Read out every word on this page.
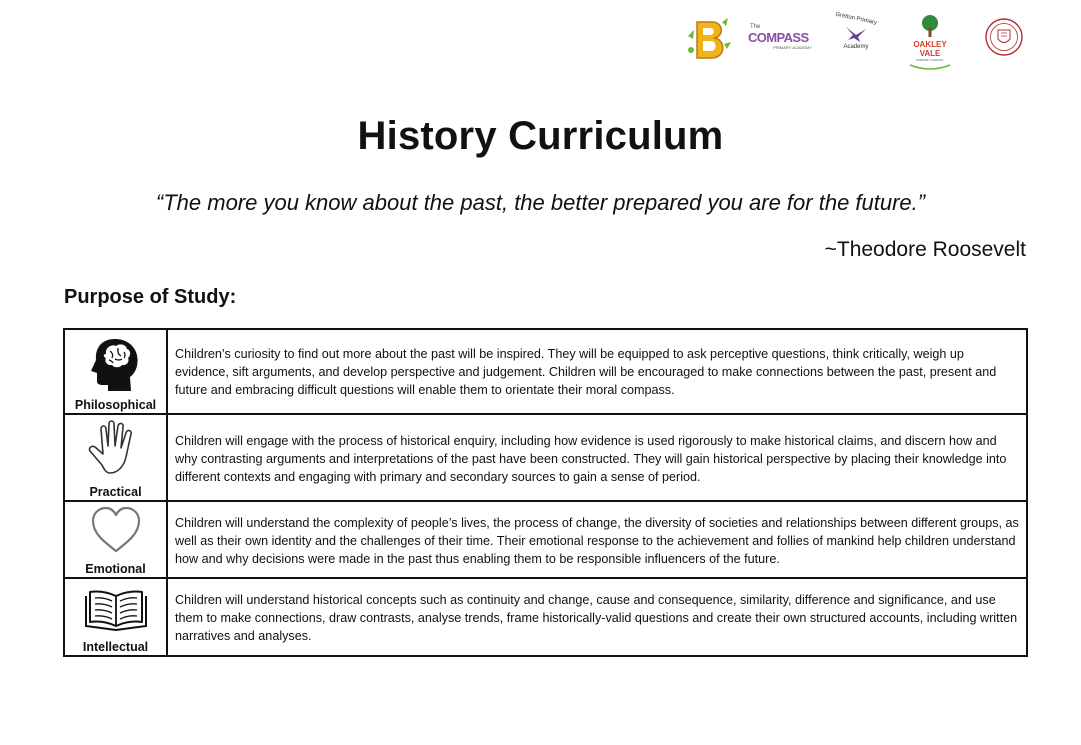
The
COMPASS
PRIMARY ACADEMY
Gretton Primary
Academy	OAKLEY VALE
PRIMARY SCHOOL
History Curriculum
“The more you know about the past, the better prepared you are for the future.”
~Theodore Roosevelt
Purpose of Study:
Philosophical	Children’s curiosity to find out more about the past will be inspired. They will be equipped to ask perceptive questions, think critically, weigh up evidence, sift arguments, and develop perspective and judgement. Children will be encouraged to make connections between the past, present and future and embracing difficult questions will enable them to orientate their moral compass.

Practical	Children will engage with the process of historical enquiry, including how evidence is used rigorously to make historical claims, and discern how and why contrasting arguments and interpretations of the past have been constructed. They will gain historical perspective by placing their knowledge into different contexts and engaging with primary and secondary sources to gain a sense of period.

Emotional	Children will understand the complexity of people’s lives, the process of change, the diversity of societies and relationships between different groups, as well as their own identity and the challenges of their time. Their emotional response to the achievement and follies of mankind help children understand how and why decisions were made in the past thus enabling them to be responsible influencers of the future.

Intellectual	Children will understand historical concepts such as continuity and change, cause and consequence, similarity, difference and significance, and use them to make connections, draw contrasts, analyse trends, frame historically-valid questions and create their own structured accounts, including written narratives and analyses.
